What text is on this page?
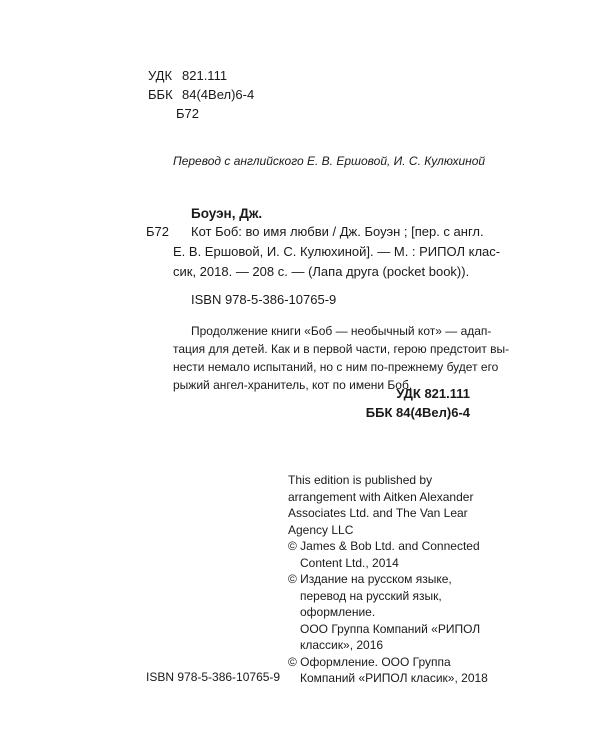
УДК 821.111
ББК 84(4Вел)6-4
Б72
Перевод с английского Е. В. Ершовой, И. С. Кулюхиной
Боуэн, Дж.
Б72	Кот Боб: во имя любви / Дж. Боуэн ; [пер. с англ.
Е. В. Ершовой, И. С. Кулюхиной]. — М. : РИПОЛ клас-
сик, 2018. — 208 с. — (Лапа друга (pocket book)).
ISBN 978-5-386-10765-9
Продолжение книги «Боб — необычный кот» — адап-
тация для детей. Как и в первой части, герою предстоит вы-
нести немало испытаний, но с ним по-прежнему будет его
рыжий ангел-хранитель, кот по имени Боб.
УДК 821.111
ББК 84(4Вел)6-4
This edition is published by
arrangement with Aitken Alexander
Associates Ltd. and The Van Lear
Agency LLC
© James & Bob Ltd. and Connected
Content Ltd., 2014
© Издание на русском языке,
перевод на русский язык,
оформление.
ООО Группа Компаний «РИПОЛ
классик», 2016
© Оформление. ООО Группа
Компаний «РИПОЛ класик», 2018
ISBN 978-5-386-10765-9
